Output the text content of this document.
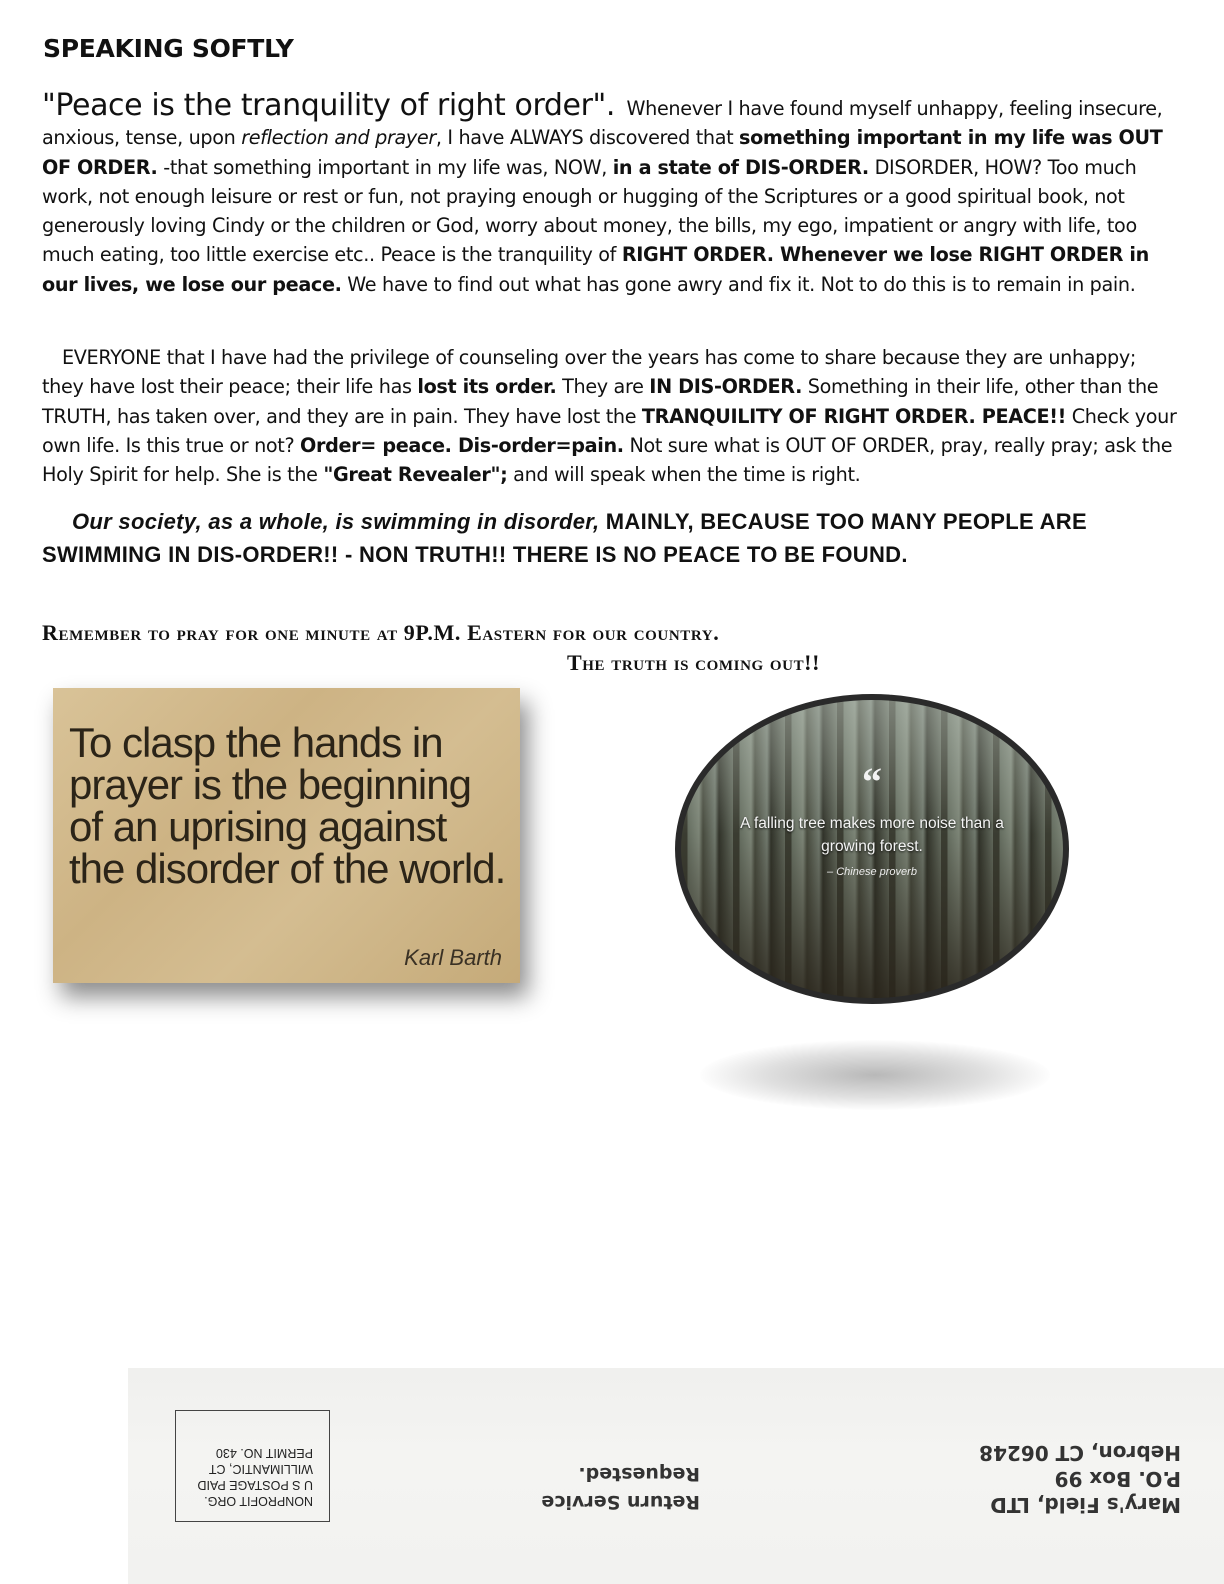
SPEAKING SOFTLY
"Peace is the tranquility of right order". Whenever I have found myself unhappy, feeling insecure, anxious, tense, upon reflection and prayer, I have ALWAYS discovered that something important in my life was OUT OF ORDER. -that something important in my life was, NOW, in a state of DIS-ORDER. DISORDER, HOW? Too much work, not enough leisure or rest or fun, not praying enough or hugging of the Scriptures or a good spiritual book, not generously loving Cindy or the children or God, worry about money, the bills, my ego, impatient or angry with life, too much eating, too little exercise etc.. Peace is the tranquility of RIGHT ORDER. Whenever we lose RIGHT ORDER in our lives, we lose our peace. We have to find out what has gone awry and fix it. Not to do this is to remain in pain.
EVERYONE that I have had the privilege of counseling over the years has come to share because they are unhappy; they have lost their peace; their life has lost its order. They are IN DIS-ORDER. Something in their life, other than the TRUTH, has taken over, and they are in pain. They have lost the TRANQUILITY OF RIGHT ORDER. PEACE!! Check your own life. Is this true or not? Order= peace. Dis-order=pain. Not sure what is OUT OF ORDER, pray, really pray; ask the Holy Spirit for help. She is the "Great Revealer"; and will speak when the time is right.
Our society, as a whole, is swimming in disorder, MAINLY, BECAUSE TOO MANY PEOPLE ARE SWIMMING IN DIS-ORDER!! - NON TRUTH!! THERE IS NO PEACE TO BE FOUND.
Remember to pray for one minute at 9P.M. Eastern for our country.
The truth is coming out!!
To clasp the hands in prayer is the beginning of an uprising against the disorder of the world.
Karl Barth
“
A falling tree makes more noise than a growing forest.
– Chinese proverb
NONPROFIT ORG.
U S POSTAGE PAID
WILLIMANTIC, CT
PERMIT NO. 430
Return Service
Requested.
Mary's Field, LTD
P.O. Box 99
Hebron, CT 06248
